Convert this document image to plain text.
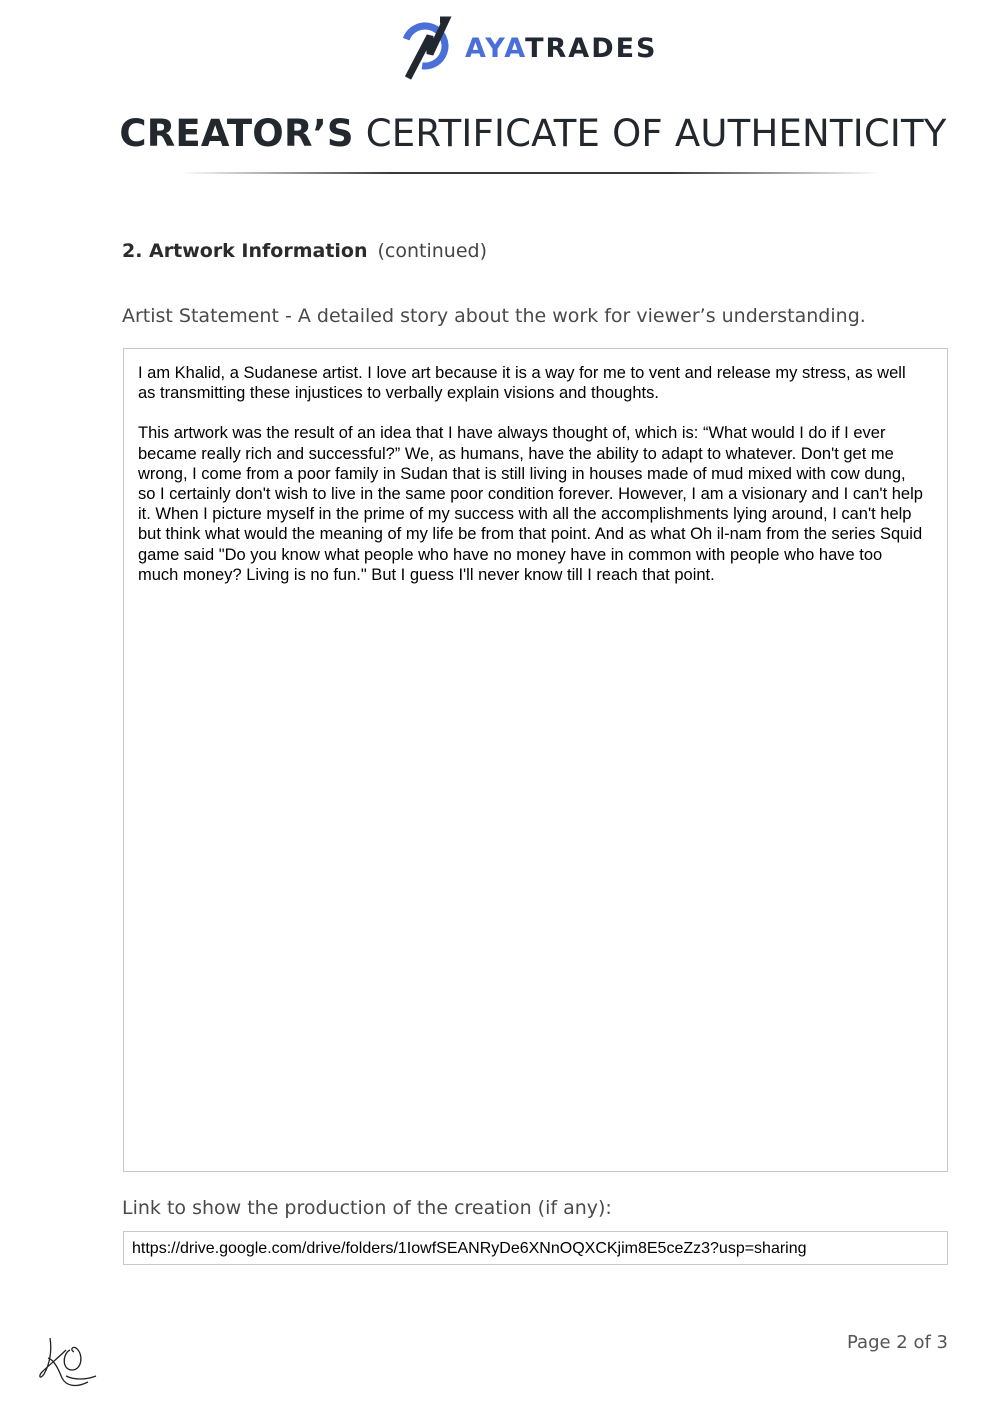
AYATRADES
CREATOR’S CERTIFICATE OF AUTHENTICITY
2. Artwork Information (continued)
Artist Statement - A detailed story about the work for viewer’s understanding.

I am Khalid, a Sudanese artist. I love art because it is a way for me to vent and release my stress, as well as transmitting these injustices to verbally explain visions and thoughts.

This artwork was the result of an idea that I have always thought of, which is: “What would I do if I ever became really rich and successful?” We, as humans, have the ability to adapt to whatever. Don't get me wrong, I come from a poor family in Sudan that is still living in houses made of mud mixed with cow dung, so I certainly don't wish to live in the same poor condition forever. However, I am a visionary and I can't help it. When I picture myself in the prime of my success with all the accomplishments lying around, I can't help but think what would the meaning of my life be from that point. And as what Oh il-nam from the series Squid game said "Do you know what people who have no money have in common with people who have too much money? Living is no fun." But I guess I'll never know till I reach that point.

Link to show the production of the creation (if any):
https://drive.google.com/drive/folders/1IowfSEANRyDe6XNnOQXCKjim8E5ceZz3?usp=sharing
Page 2 of 3
